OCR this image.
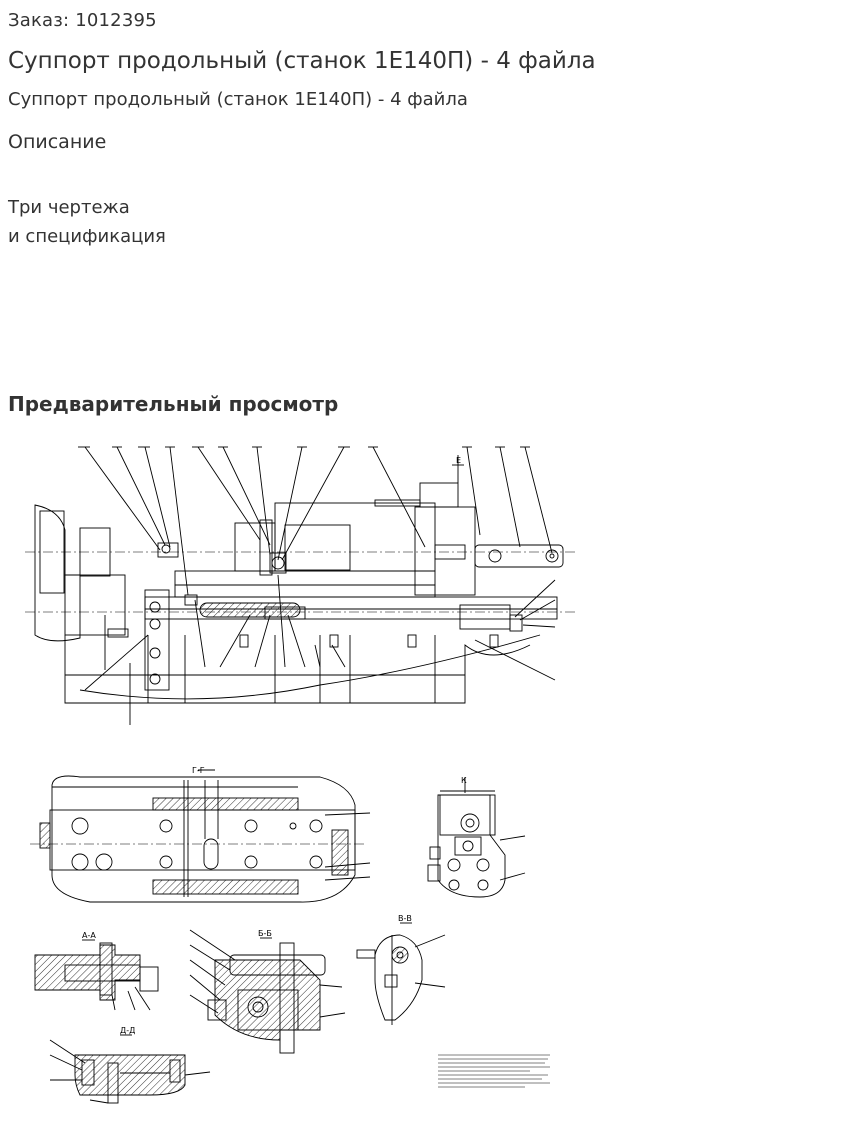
Заказ: 1012395
Суппорт продольный (станок 1Е140П) - 4 файла
Суппорт продольный (станок 1Е140П) - 4 файла
Описание
Три чертежа
и спецификация
Предварительный просмотр
Г-Г
К
А-А	Б-Б
В-В
Д-Д
Е
